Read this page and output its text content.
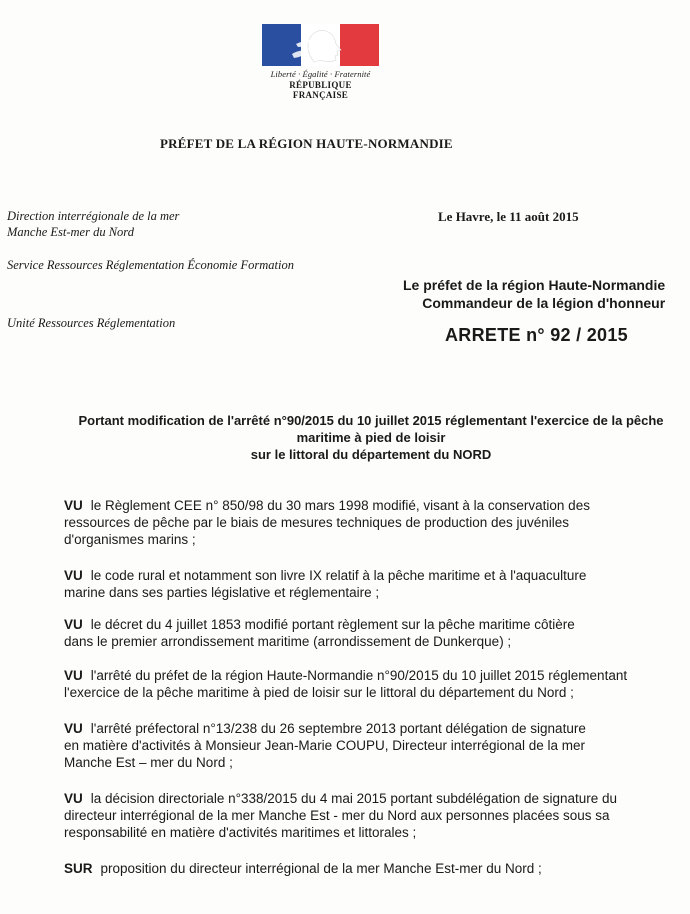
Liberté · Égalité · Fraternité
RÉPUBLIQUE FRANÇAISE
PRÉFET DE LA RÉGION HAUTE-NORMANDIE
Direction interrégionale de la mer
Manche Est-mer du Nord
Service Ressources Réglementation Économie Formation
Unité Ressources Réglementation
Le Havre, le 11 août 2015
Le préfet de la région Haute-Normandie
Commandeur de la légion d'honneur
ARRETE n° 92 / 2015
Portant modification de l'arrêté n°90/2015 du 10 juillet 2015 réglementant l'exercice de la pêche
maritime à pied de loisir
sur le littoral du département du NORD
VU le Règlement CEE n° 850/98 du 30 mars 1998 modifié, visant à la conservation des
ressources de pêche par le biais de mesures techniques de production des juvéniles
d'organismes marins ;
VU le code rural et notamment son livre IX relatif à la pêche maritime et à l'aquaculture
marine dans ses parties législative et réglementaire ;
VU le décret du 4 juillet 1853 modifié portant règlement sur la pêche maritime côtière
dans le premier arrondissement maritime (arrondissement de Dunkerque) ;
VU l'arrêté du préfet de la région Haute-Normandie n°90/2015 du 10 juillet 2015 réglementant
l'exercice de la pêche maritime à pied de loisir sur le littoral du département du Nord ;
VU l'arrêté préfectoral n°13/238 du 26 septembre 2013 portant délégation de signature
en matière d'activités à Monsieur Jean-Marie COUPU, Directeur interrégional de la mer
Manche Est – mer du Nord ;
VU la décision directoriale n°338/2015 du 4 mai 2015 portant subdélégation de signature du
directeur interrégional de la mer Manche Est - mer du Nord aux personnes placées sous sa
responsabilité en matière d'activités maritimes et littorales ;
SUR proposition du directeur interrégional de la mer Manche Est-mer du Nord ;
